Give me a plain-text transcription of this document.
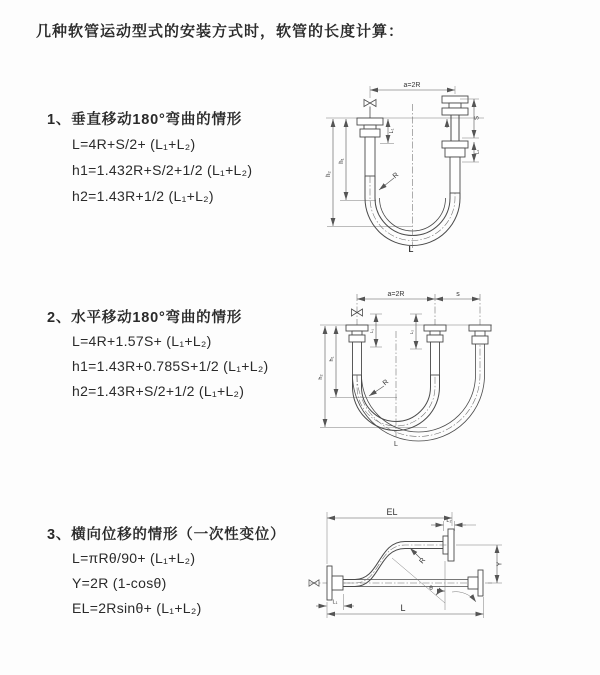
几种软管运动型式的安装方式时，软管的长度计算：
1、垂直移动180°弯曲的情形

L=4R+S/2+ (L₁+L₂)

h1=1.432R+S/2+1/2 (L₁+L₂)

h2=1.43R+1/2 (L₁+L₂)

2、水平移动180°弯曲的情形

L=4R+1.57S+ (L₁+L₂)

h1=1.43R+0.785S+1/2 (L₁+L₂)

h2=1.43R+S/2+1/2 (L₁+L₂)

3、横向位移的情形（一次性变位）

L=πRθ/90+ (L₁+L₂)

Y=2R (1-cosθ)

EL=2Rsinθ+ (L₁+L₂)

a=2R
L₁
S
L₂
h₁
h₂	R
L
a=2R	s
L₁	L₂
h₁
h₂
R
L
EL
L₂
Y
R
θ
L₁
L
